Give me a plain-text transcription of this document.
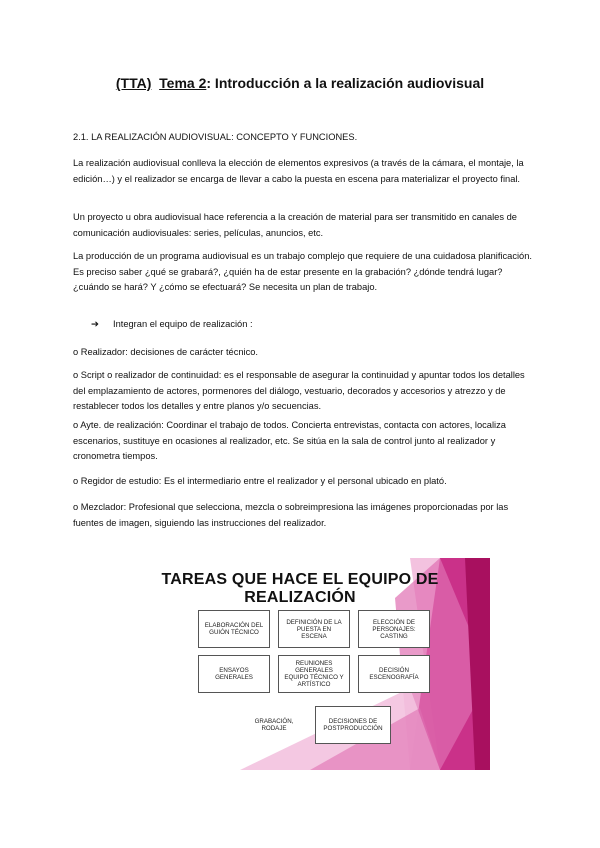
(TTA) Tema 2: Introducción a la realización audiovisual

2.1. LA REALIZACIÓN AUDIOVISUAL: CONCEPTO Y FUNCIONES.

La realización audiovisual conlleva la elección de elementos expresivos (a través de la cámara, el montaje, la edición…) y el realizador se encarga de llevar a cabo la puesta en escena para materializar el proyecto final.

Un proyecto u obra audiovisual hace referencia a la creación de material para ser transmitido en canales de comunicación audiovisuales: series, películas, anuncios, etc.

La producción de un programa audiovisual es un trabajo complejo que requiere de una cuidadosa planificación. Es preciso saber ¿qué se grabará?, ¿quién ha de estar presente en la grabación? ¿dónde tendrá lugar? ¿cuándo se hará? Y ¿cómo se efectuará? Se necesita un plan de trabajo.

➔ Integran el equipo de realización :

o Realizador: decisiones de carácter técnico.

o Script o realizador de continuidad: es el responsable de asegurar la continuidad y apuntar todos los detalles del emplazamiento de actores, pormenores del diálogo, vestuario, decorados y accesorios y atrezzo y de restablecer todos los detalles y entre planos y/o secuencias.

o Ayte. de realización: Coordinar el trabajo de todos. Concierta entrevistas, contacta con actores, localiza escenarios, sustituye en ocasiones al realizador, etc. Se sitúa en la sala de control junto al realizador y cronometra tiempos.

o Regidor de estudio: Es el intermediario entre el realizador y el personal ubicado en plató.

o Mezclador: Profesional que selecciona, mezcla o sobreimpresiona las imágenes proporcionadas por las fuentes de imagen, siguiendo las instrucciones del realizador.

TAREAS QUE HACE EL EQUIPO DE REALIZACIÓN
ELABORACIÓN DEL
GUIÓN TÉCNICO
DEFINICIÓN DE LA
PUESTA EN
ESCENA
ELECCIÓN DE
PERSONAJES:
CASTING
ENSAYOS
GENERALES
REUNIONES
GENERALES
EQUIPO TÉCNICO Y
ARTÍSTICO
DECISIÓN
ESCENOGRAFÍA
GRABACIÓN,
RODAJE
DECISIONES DE
POSTPRODUCCIÓN
